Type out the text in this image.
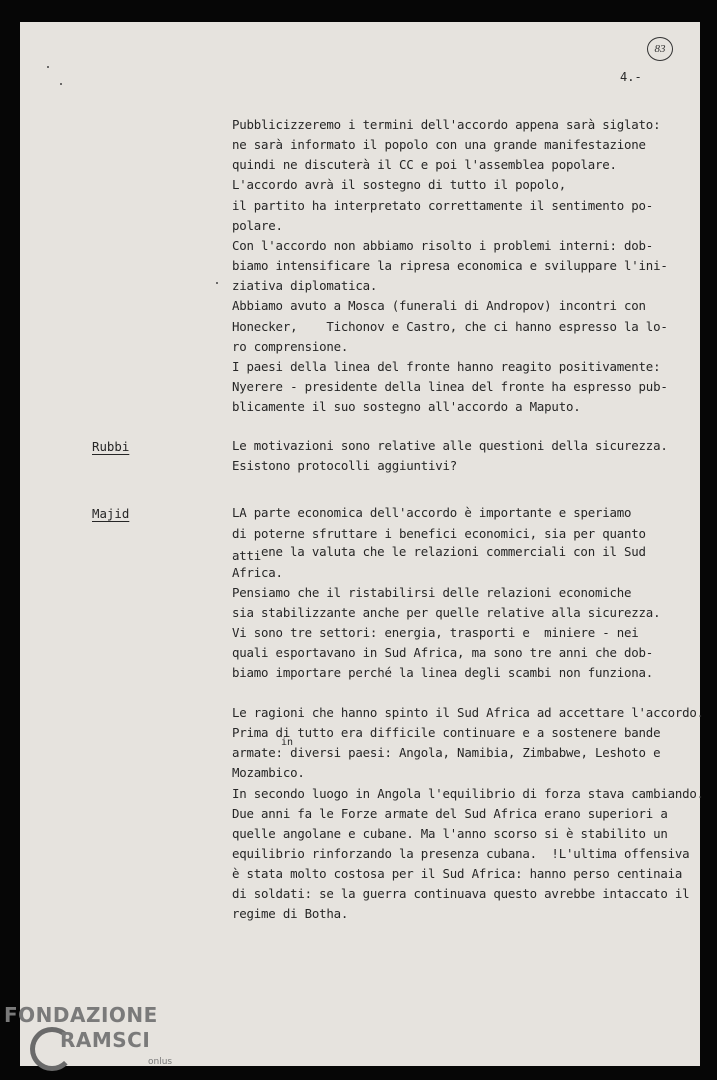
83
4.-
Pubblicizzeremo i termini dell'accordo appena sarà siglato:
ne sarà informato il popolo con una grande manifestazione
quindi ne discuterà il CC e poi l'assemblea popolare.
L'accordo avrà il sostegno di tutto il popolo,
il partito ha interpretato correttamente il sentimento po-
polare.
Con l'accordo non abbiamo risolto i problemi interni: dob-
biamo intensificare la ripresa economica e sviluppare l'ini-
ziativa diplomatica.
Abbiamo avuto a Mosca (funerali di Andropov) incontri con
Honecker,    Tichonov e Castro, che ci hanno espresso la lo-
ro comprensione.
I paesi della linea del fronte hanno reagito positivamente:
Nyerere - presidente della linea del fronte ha espresso pub-
blicamente il suo sostegno all'accordo a Maputo.
Rubbi	Le motivazioni sono relative alle questioni della sicurezza.
Esistono protocolli aggiuntivi?
Majid	LA parte economica dell'accordo è importante e speriamo
di poterne sfruttare i benefici economici, sia per quanto
atti ene la valuta che le relazioni commerciali con il Sud
Africa.
Pensiamo che il ristabilirsi delle relazioni economiche
sia stabilizzante anche per quelle relative alla sicurezza.
Vi sono tre settori: energia, trasporti e  miniere - nei
quali esportavano in Sud Africa, ma sono tre anni che dob-
biamo importare perché la linea degli scambi non funziona.
Le ragioni che hanno spinto il Sud Africa ad accettare l'accordo.
Prima di tutto era difficile continuare e a sostenere bande
in
armate: diversi paesi: Angola, Namibia, Zimbabwe, Leshoto e
Mozambico.
In secondo luogo in Angola l'equilibrio di forza stava cambiando.
Due anni fa le Forze armate del Sud Africa erano superiori a
quelle angolane e cubane. Ma l'anno scorso si è stabilito un
equilibrio rinforzando la presenza cubana.  !L'ultima offensiva
è stata molto costosa per il Sud Africa: hanno perso centinaia
di soldati: se la guerra continuava questo avrebbe intaccato il
regime di Botha.
FONDAZIONE
RAMSCI
onlus
